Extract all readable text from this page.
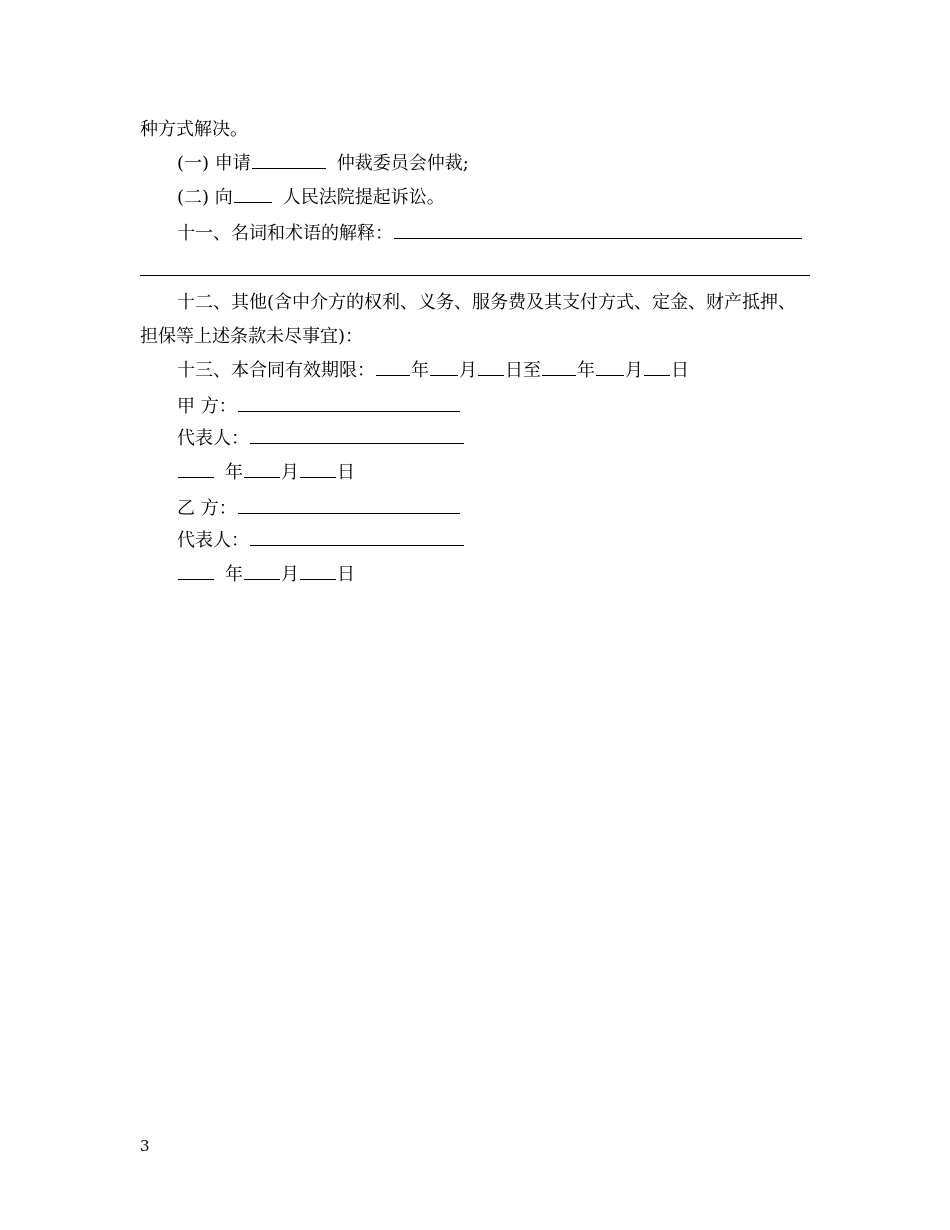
种方式解决。
(一) 申请	仲裁委员会仲裁;
(二) 向	人民法院提起诉讼。
十一、名词和术语的解释：
十二、其他(含中介方的权利、义务、服务费及其支付方式、定金、财产抵押、
担保等上述条款未尽事宜)：
十三、本合同有效期限： 年 月 日至 年 月 日
甲 方：
代表人：
年 月 日
乙 方：
代表人：
年 月 日
3
